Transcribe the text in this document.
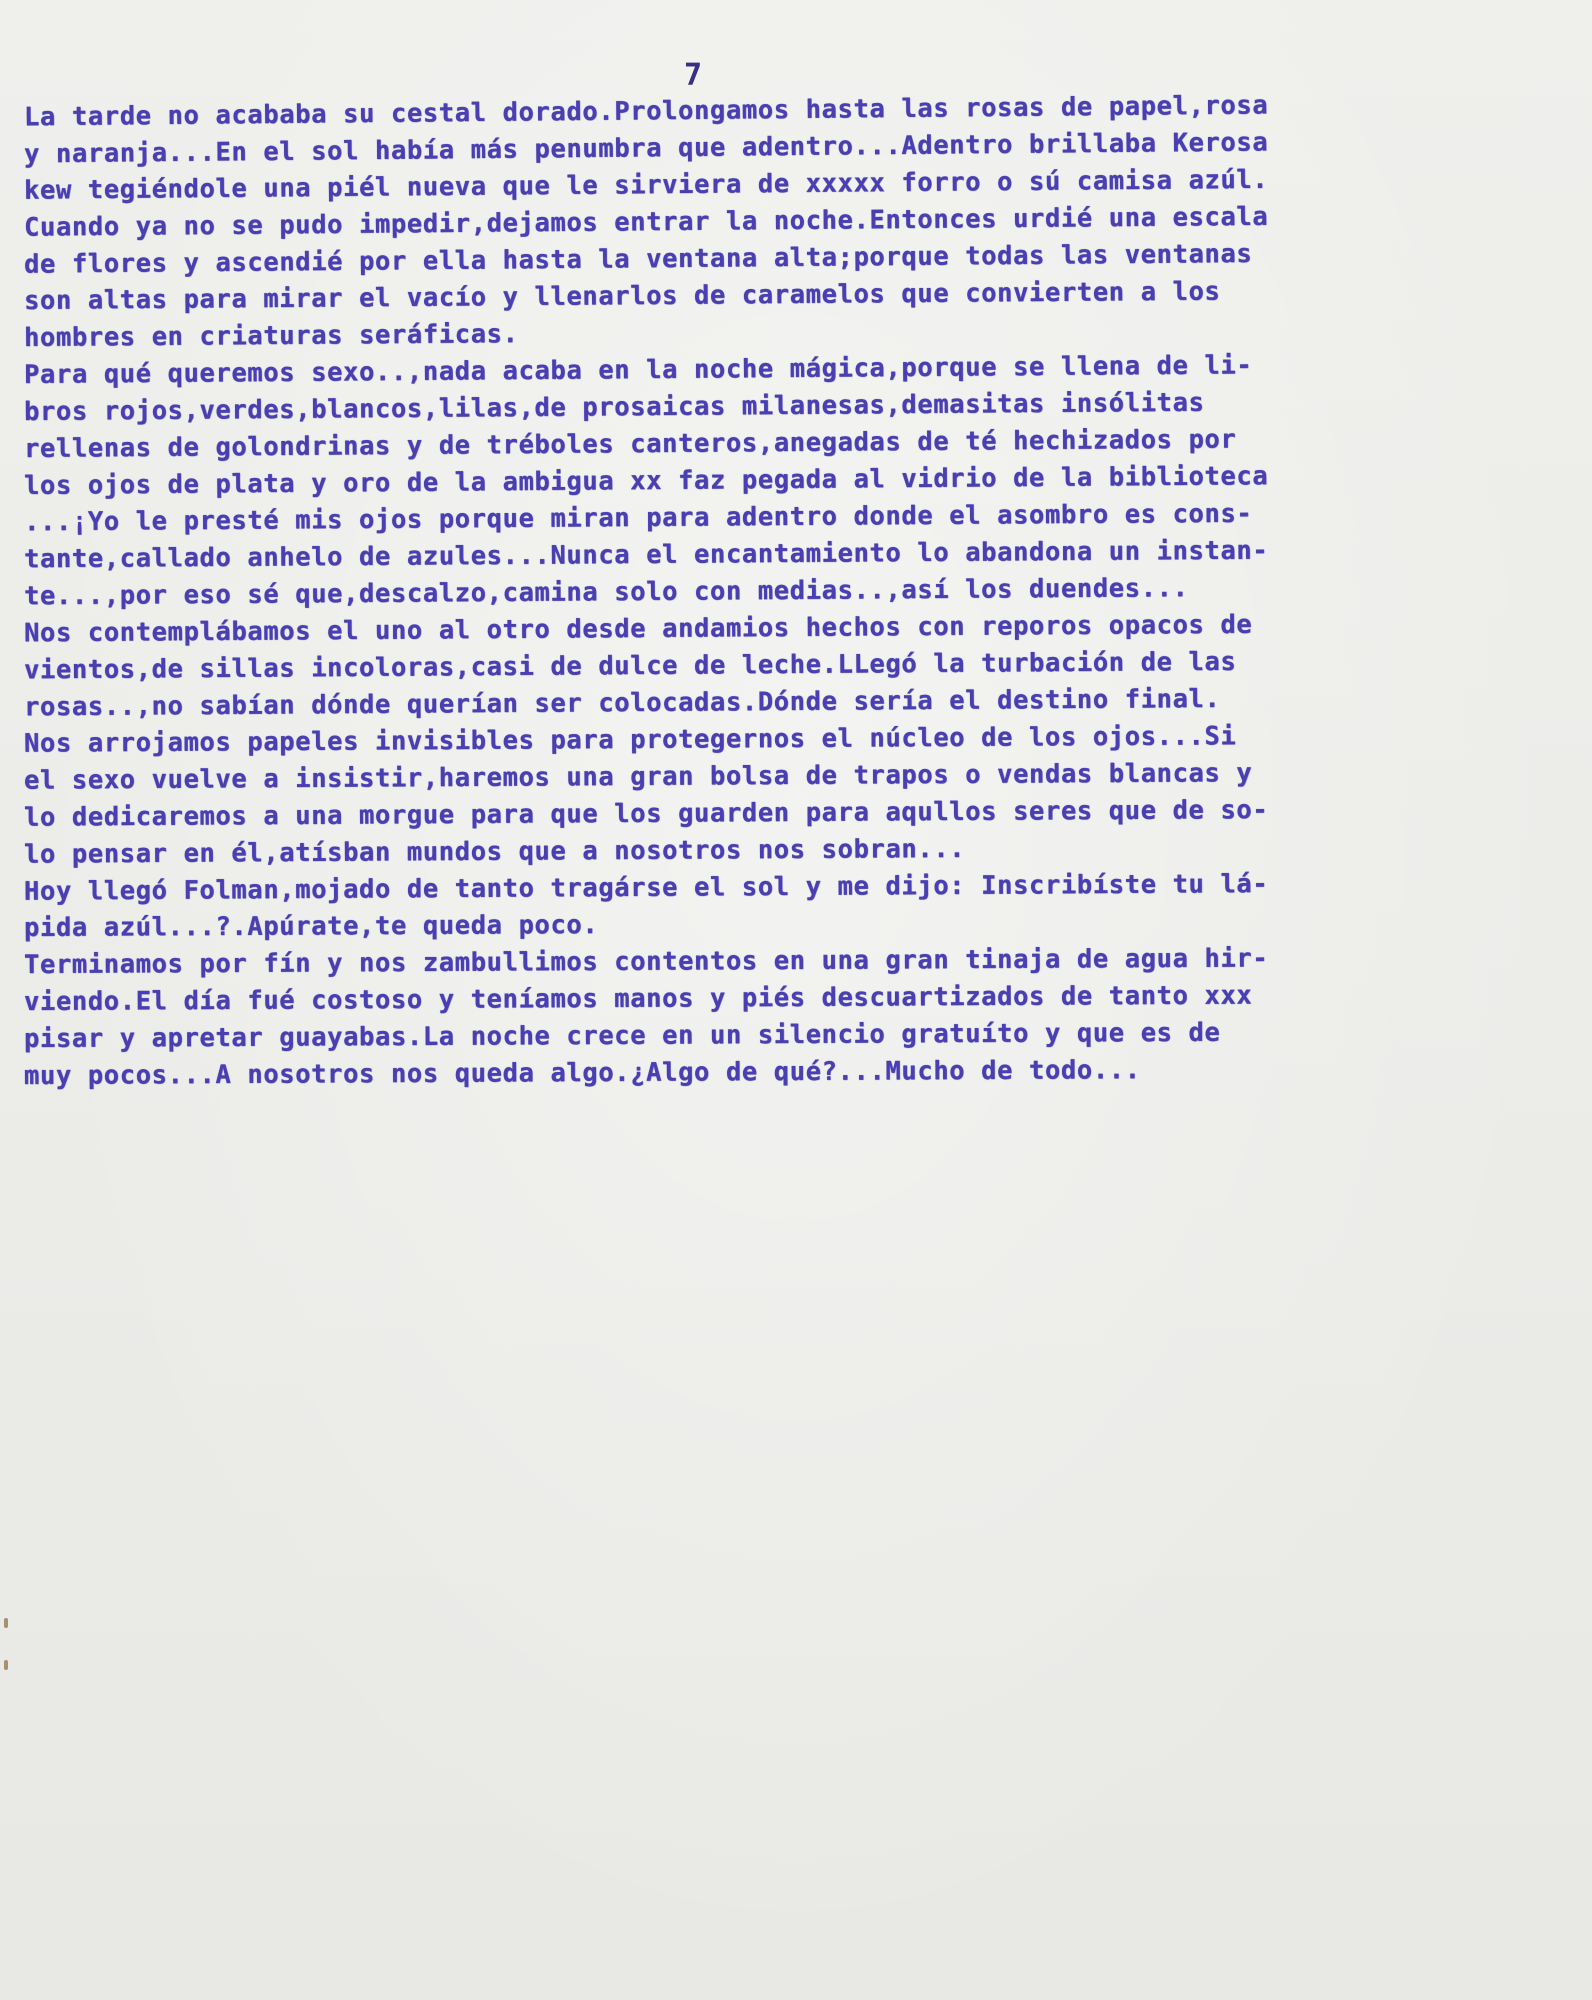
7
La tarde no acababa su cestal dorado.Prolongamos hasta las rosas de papel,rosa
y naranja...En el sol había más penumbra que adentro...Adentro brillaba Kerosa
kew tegiéndole una piél nueva que le sirviera de xxxxx forro o sú camisa azúl.
Cuando ya no se pudo impedir,dejamos entrar la noche.Entonces urdié una escala
de flores y ascendié por ella hasta la ventana alta;porque todas las ventanas
son altas para mirar el vacío y llenarlos de caramelos que convierten a los
hombres en criaturas seráficas.
Para qué queremos sexo..,nada acaba en la noche mágica,porque se llena de li-
bros rojos,verdes,blancos,lilas,de prosaicas milanesas,demasitas insólitas
rellenas de golondrinas y de tréboles canteros,anegadas de té hechizados por
los ojos de plata y oro de la ambigua xx faz pegada al vidrio de la biblioteca
...¡Yo le presté mis ojos porque miran para adentro donde el asombro es cons-
tante,callado anhelo de azules...Nunca el encantamiento lo abandona un instan-
te...,por eso sé que,descalzo,camina solo con medias..,así los duendes...
Nos contemplábamos el uno al otro desde andamios hechos con reporos opacos de
vientos,de sillas incoloras,casi de dulce de leche.LLegó la turbación de las
rosas..,no sabían dónde querían ser colocadas.Dónde sería el destino final.
Nos arrojamos papeles invisibles para protegernos el núcleo de los ojos...Si
el sexo vuelve a insistir,haremos una gran bolsa de trapos o vendas blancas y
lo dedicaremos a una morgue para que los guarden para aqullos seres que de so-
lo pensar en él,atísban mundos que a nosotros nos sobran...
Hoy llegó Folman,mojado de tanto tragárse el sol y me dijo: Inscribíste tu lá-
pida azúl...?.Apúrate,te queda poco.
Terminamos por fín y nos zambullimos contentos en una gran tinaja de agua hir-
viendo.El día fué costoso y teníamos manos y piés descuartizados de tanto xxx
pisar y apretar guayabas.La noche crece en un silencio gratuíto y que es de
muy pocos...A nosotros nos queda algo.¿Algo de qué?...Mucho de todo...
